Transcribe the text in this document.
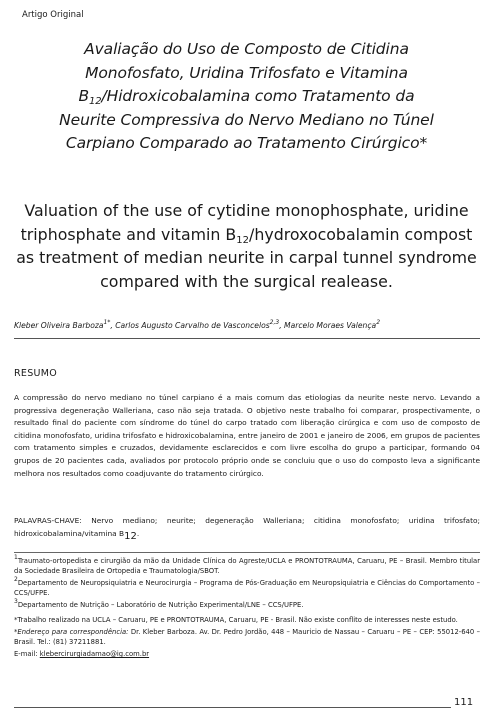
Artigo Original
Avaliação do Uso de Composto de Citidina
Monofosfato, Uridina Trifosfato e Vitamina
$B_{12}$/Hidroxicobalamina como Tratamento da
Neurite Compressiva do Nervo Mediano no Túnel
Carpiano Comparado ao Tratamento Cirúrgico*
Valuation of the use of cytidine monophosphate, uridine
triphosphate and vitamin $B_{12}$/hydroxocobalamin compost
as treatment of median neurite in carpal tunnel syndrome
compared with the surgical realease.
Kleber Oliveira Barboza$^{1*}$, Carlos Augusto Carvalho de Vasconcelos$^{2,3}$, Marcelo Moraes Valença$^2$
RESUMO
A compressão do nervo mediano no túnel carpiano é a mais comum das etiologias da neurite neste nervo. Levando a progressiva degeneração Walleriana, caso não seja tratada. O objetivo neste trabalho foi comparar, prospectivamente, o resultado final do paciente com síndrome do túnel do carpo tratado com liberação cirúrgica e com uso de composto de citidina monofosfato, uridina trifosfato e hidroxicobalamina, entre janeiro de 2001 e janeiro de 2006, em grupos de pacientes com tratamento simples e cruzados, devidamente esclarecidos e com livre escolha do grupo a participar, formando 04 grupos de 20 pacientes cada, avaliados por protocolo próprio onde se concluiu que o uso do composto leva a significante melhora nos resultados como coadjuvante do tratamento cirúrgico.
PALAVRAS-CHAVE: Nervo mediano; neurite; degeneração Walleriana; citidina monofosfato; uridina trifosfato; hidroxicobalamina/vitamina $B_{12}$.
$^1$Traumato-ortopedista e cirurgião da mão da Unidade Clínica do Agreste/UCLA e PRONTOTRAUMA, Caruaru, PE – Brasil. Membro titular da Sociedade Brasileira de Ortopedia e Traumatologia/SBOT.
$^2$Departamento de Neuropsiquiatria e Neurocirurgia – Programa de Pós-Graduação em Neuropsiquiatria e Ciências do Comportamento – CCS/UFPE.
$^3$Departamento de Nutrição – Laboratório de Nutrição Experimental/LNE – CCS/UFPE.
*Trabalho realizado na UCLA – Caruaru, PE e PRONTOTRAUMA, Caruaru, PE - Brasil. Não existe conflito de interesses neste estudo.
*Endereço para correspondência: Dr. Kleber Barboza. Av. Dr. Pedro Jordão, 448 – Mauricio de Nassau – Caruaru – PE – CEP: 55012-640 – Brasil. Tel.: (81) 37211881.
E-mail: klebercirurgiadamao@ig.com.br
111
